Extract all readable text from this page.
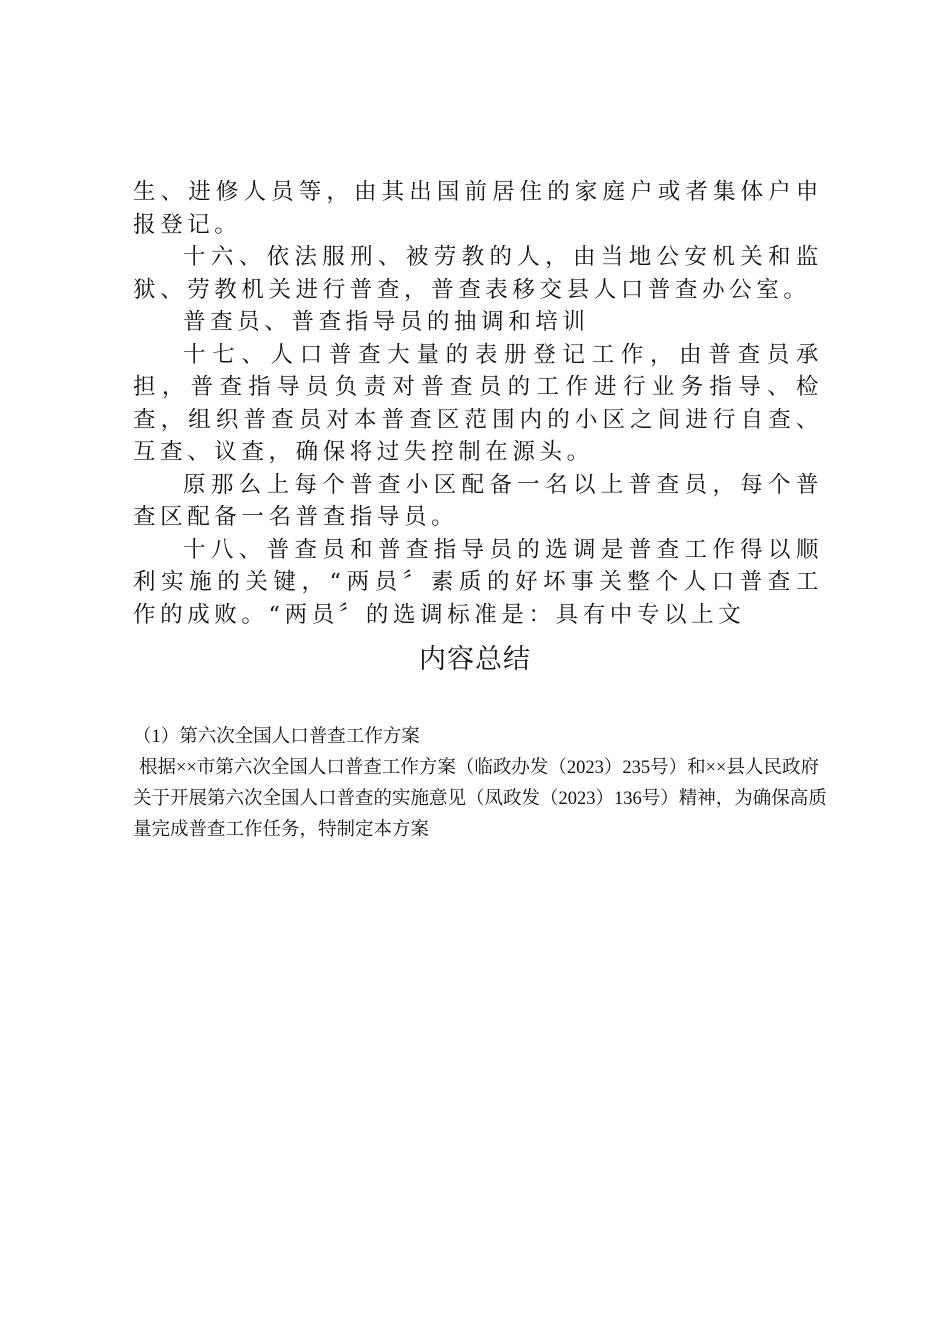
生、进修人员等，由其出国前居住的家庭户或者集体户申报登记。

十六、依法服刑、被劳教的人，由当地公安机关和监狱、劳教机关进行普查，普查表移交县人口普查办公室。

普查员、普查指导员的抽调和培训

十七、人口普查大量的表册登记工作，由普查员承担，普查指导员负责对普查员的工作进行业务指导、检查，组织普查员对本普查区范围内的小区之间进行自查、互查、议查，确保将过失控制在源头。

原那么上每个普查小区配备一名以上普查员，每个普查区配备一名普查指导员。

十八、普查员和普查指导员的选调是普查工作得以顺利实施的关键，“两员〞素质的好坏事关整个人口普查工作的成败。“两员〞的选调标准是：具有中专以上文

内容总结

（1）第六次全国人口普查工作方案

根据××市第六次全国人口普查工作方案（临政办发（2023）235号）和××县人民政府关于开展第六次全国人口普查的实施意见（凤政发（2023）136号）精神，为确保高质量完成普查工作任务，特制定本方案
